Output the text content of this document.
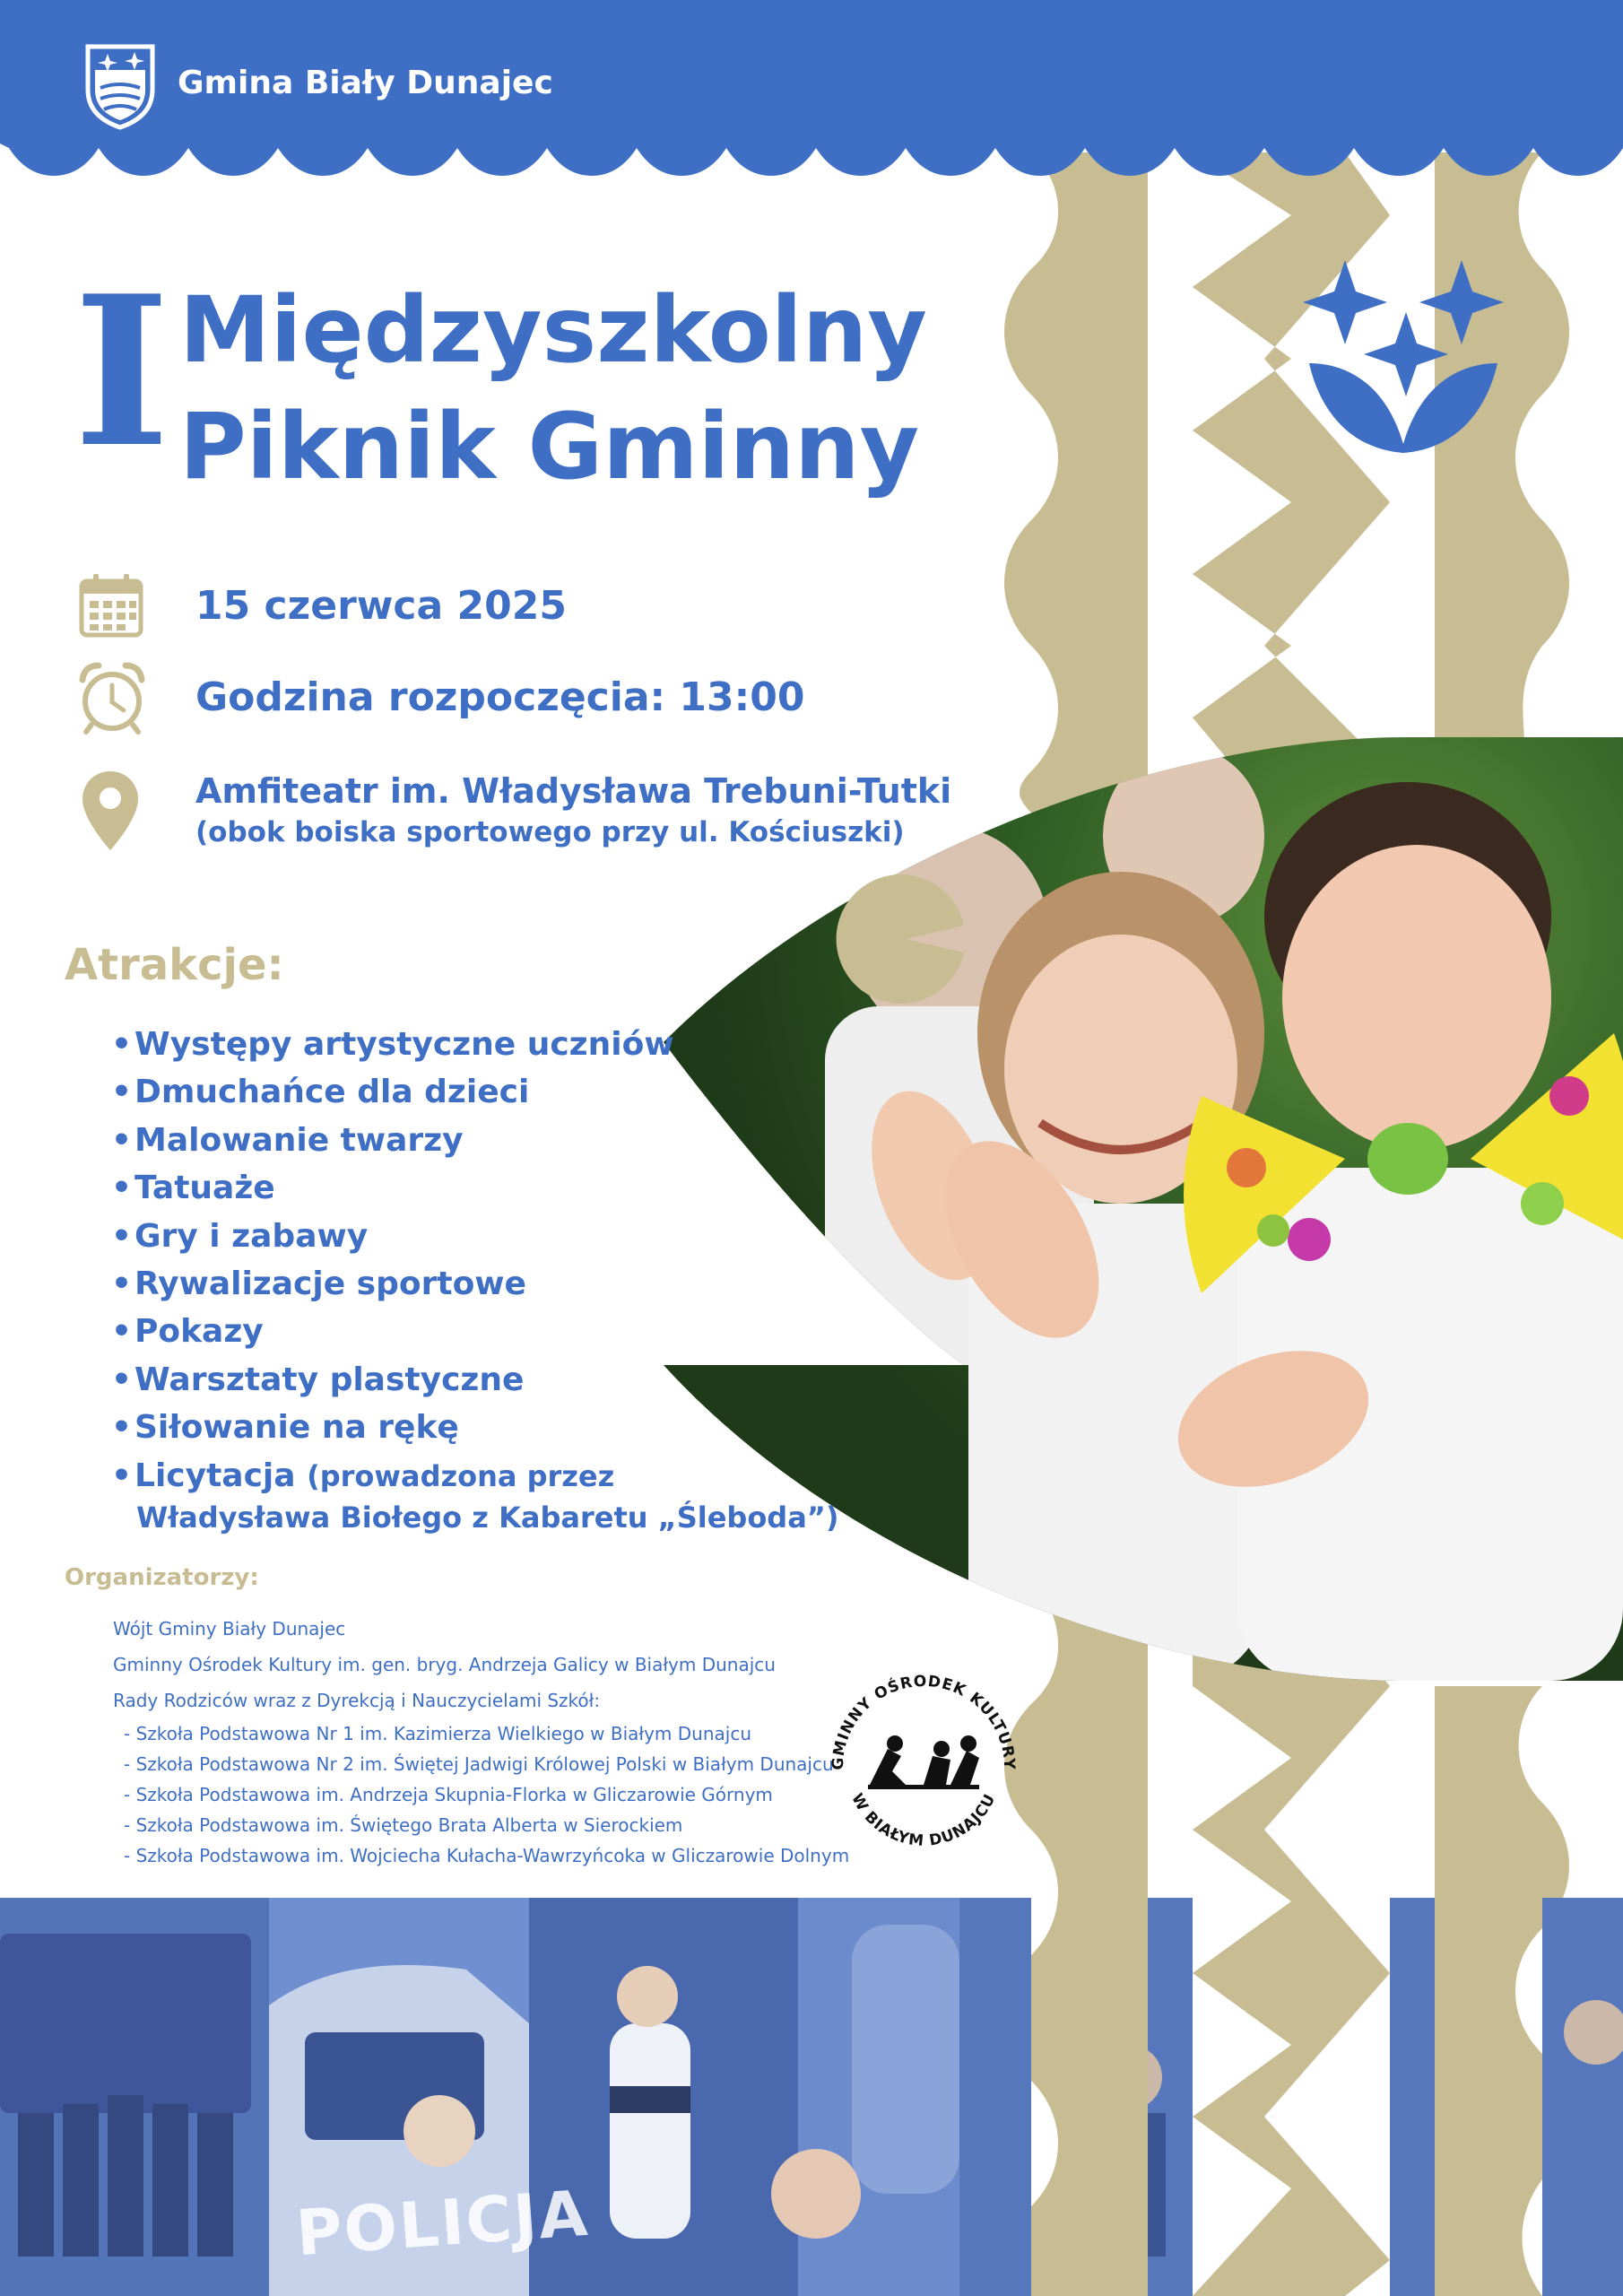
Gmina Biały Dunajec
I Międzyszkolny
Piknik Gminny
15 czerwca 2025
Godzina rozpoczęcia: 13:00
Amfiteatr im. Władysława Trebuni-Tutki
(obok boiska sportowego przy ul. Kościuszki)
Atrakcje:
•Występy artystyczne uczniów
•Dmuchańce dla dzieci
•Malowanie twarzy
•Tatuaże
•Gry i zabawy
•Rywalizacje sportowe
•Pokazy
•Warsztaty plastyczne
•Siłowanie na rękę
•Licytacja (prowadzona przez
Władysława Biołego z Kabaretu „Śleboda”)
Organizatorzy:
Wójt Gminy Biały Dunajec
Gminny Ośrodek Kultury im. gen. bryg. Andrzeja Galicy w Białym Dunajcu
Rady Rodziców wraz z Dyrekcją i Nauczycielami Szkół:
- Szkoła Podstawowa Nr 1 im. Kazimierza Wielkiego w Białym Dunajcu
- Szkoła Podstawowa Nr 2 im. Świętej Jadwigi Królowej Polski w Białym Dunajcu
- Szkoła Podstawowa im. Andrzeja Skupnia-Florka w Gliczarowie Górnym
- Szkoła Podstawowa im. Świętego Brata Alberta w Sierockiem
- Szkoła Podstawowa im. Wojciecha Kułacha-Wawrzyńcoka w Gliczarowie Dolnym
GMINNY OŚRODEK KULTURY
W BIAŁYM DUNAJCU
POLICJA
